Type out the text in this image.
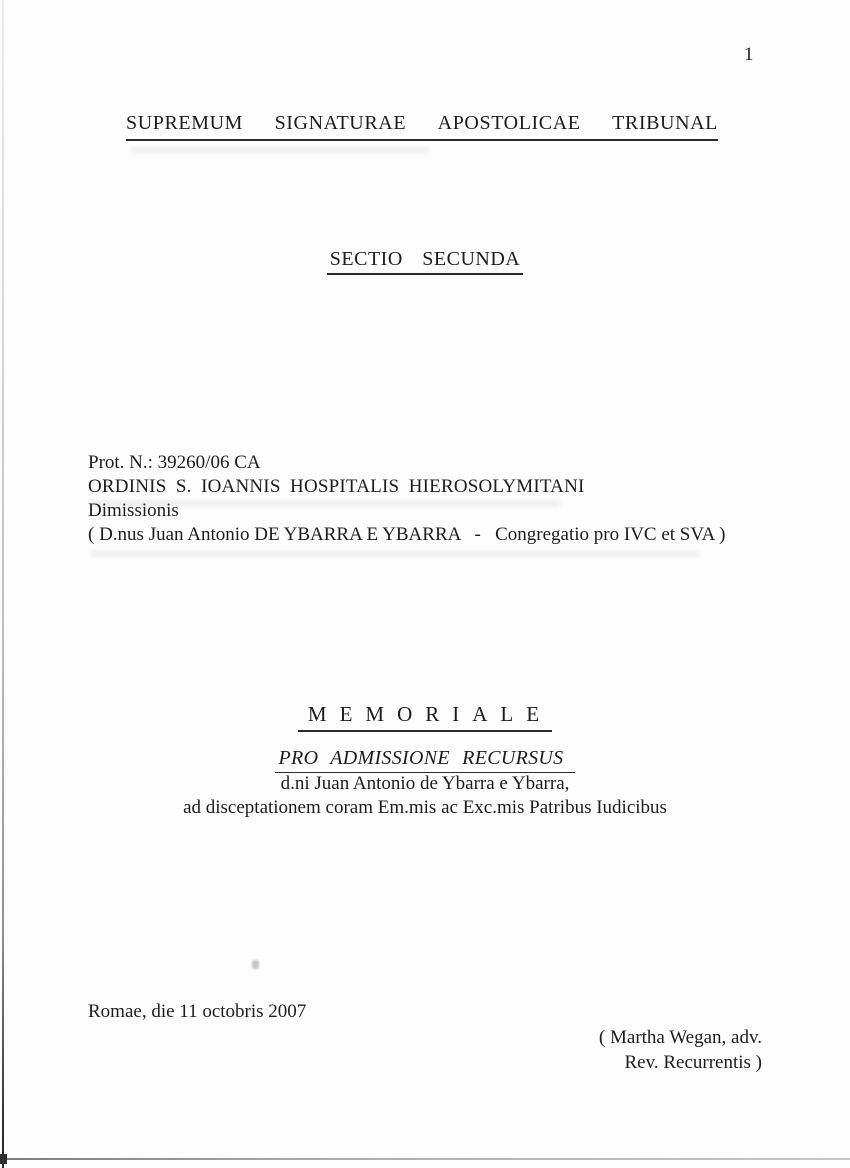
1
SUPREMUM SIGNATURAE APOSTOLICAE TRIBUNAL
SECTIO SECUNDA
Prot. N.: 39260/06 CA
ORDINIS S. IOANNIS HOSPITALIS HIEROSOLYMITANI
Dimissionis
( D.nus Juan Antonio DE YBARRA E YBARRA   -   Congregatio pro IVC et SVA )
MEMORIALE
PRO ADMISSIONE RECURSUS
d.ni Juan Antonio de Ybarra e Ybarra,
ad disceptationem coram Em.mis ac Exc.mis Patribus Iudicibus
Romae, die 11 octobris 2007
( Martha Wegan, adv.
Rev. Recurrentis )
